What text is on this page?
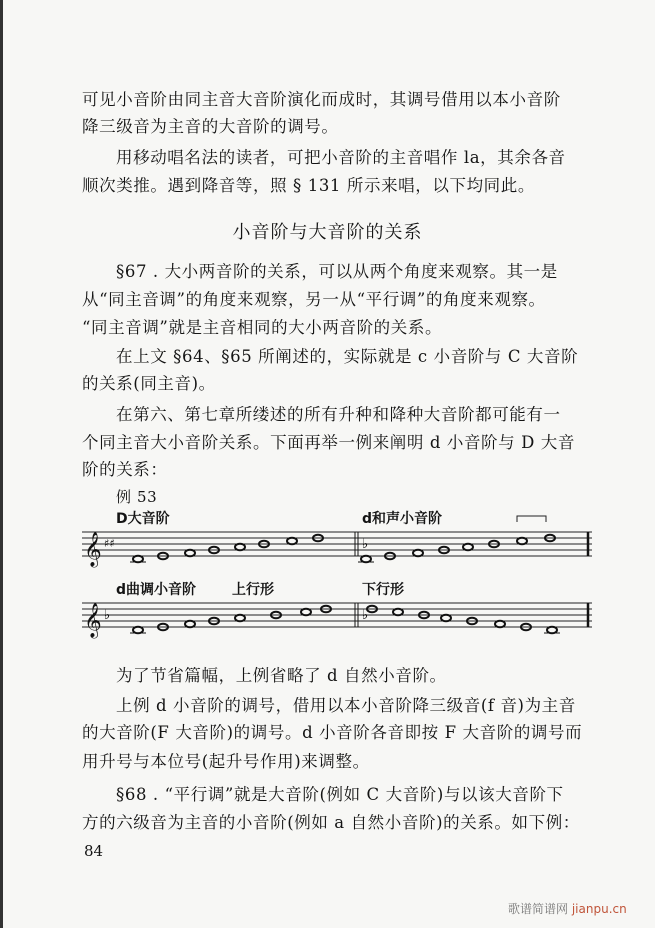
可见小音阶由同主音大音阶演化而成时，其调号借用以本小音阶
降三级音为主音的大音阶的调号。
用移动唱名法的读者，可把小音阶的主音唱作 la，其余各音
顺次类推。遇到降音等，照 § 131 所示来唱，以下均同此。
小音阶与大音阶的关系
§67 . 大小两音阶的关系，可以从两个角度来观察。其一是
从“同主音调”的角度来观察，另一从“平行调”的角度来观察。
“同主音调”就是主音相同的大小两音阶的关系。
在上文 §64、§65 所阐述的，实际就是 c 小音阶与 C 大音阶
的关系(同主音)。
在第六、第七章所缕述的所有升种和降种大音阶都可能有一
个同主音大小音阶关系。下面再举一例来阐明 d 小音阶与 D 大音
阶的关系：
例 53
D大音阶	d和声小音阶
d曲调小音阶	上行形	下行形
𝄞
𝄞
♯♯	♭
♭	♭
为了节省篇幅，上例省略了 d 自然小音阶。
上例 d 小音阶的调号，借用以本小音阶降三级音(f 音)为主音
的大音阶(F 大音阶)的调号。d 小音阶各音即按 F 大音阶的调号而
用升号与本位号(起升号作用)来调整。
§68 . “平行调”就是大音阶(例如 C 大音阶)与以该大音阶下
方的六级音为主音的小音阶(例如 a 自然小音阶)的关系。如下例：
84
歌谱简谱网 jianpu.cn
